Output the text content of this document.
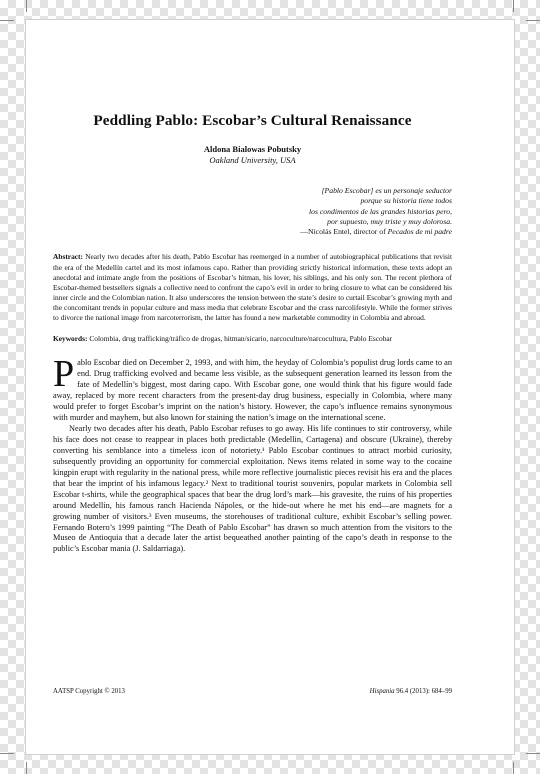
Peddling Pablo: Escobar’s Cultural Renaissance
Aldona Bialowas Pobutsky
Oakland University, USA
[Pablo Escobar] es un personaje seductor
porque su historia tiene todos
los condimentos de las grandes historias pero,
por supuesto, muy triste y muy dolorosa.
—Nicolás Entel, director of Pecados de mi padre
Abstract: Nearly two decades after his death, Pablo Escobar has reemerged in a number of autobiographical publications that revisit the era of the Medellín cartel and its most infamous capo. Rather than providing strictly historical information, these texts adopt an anecdotal and intimate angle from the positions of Escobar’s hitman, his lover, his siblings, and his only son. The recent plethora of Escobar-themed bestsellers signals a collective need to confront the capo’s evil in order to bring closure to what can be considered his inner circle and the Colombian nation. It also underscores the tension between the state’s desire to curtail Escobar’s growing myth and the concomitant trends in popular culture and mass media that celebrate Escobar and the crass narcolifestyle. While the former strives to divorce the national image from narcoterrorism, the latter has found a new marketable commodity in Colombia and abroad.
Keywords: Colombia, drug trafficking/tráfico de drogas, hitman/sicario, narcoculture/narcocultura, Pablo Escobar

Pablo Escobar died on December 2, 1993, and with him, the heyday of Colombia’s populist drug lords came to an end. Drug trafficking evolved and became less visible, as the subsequent generation learned its lesson from the fate of Medellín’s biggest, most daring capo. With Escobar gone, one would think that his figure would fade away, replaced by more recent characters from the present-day drug business, especially in Colombia, where many would prefer to forget Escobar’s imprint on the nation’s history. However, the capo’s influence remains synonymous with murder and mayhem, but also known for staining the nation’s image on the international scene.

Nearly two decades after his death, Pablo Escobar refuses to go away. His life continues to stir controversy, while his face does not cease to reappear in places both predictable (Medellin, Cartagena) and obscure (Ukraine), thereby converting his semblance into a timeless icon of notoriety.¹ Pablo Escobar continues to attract morbid curiosity, subsequently providing an opportunity for commercial exploitation. News items related in some way to the cocaine kingpin erupt with regularity in the national press, while more reflective journalistic pieces revisit his era and the places that bear the imprint of his infamous legacy.² Next to traditional tourist souvenirs, popular markets in Colombia sell Escobar t-shirts, while the geographical spaces that bear the drug lord’s mark—his gravesite, the ruins of his properties around Medellín, his famous ranch Hacienda Nápoles, or the hide-out where he met his end—are magnets for a growing number of visitors.³ Even museums, the storehouses of traditional culture, exhibit Escobar’s selling power. Fernando Botero’s 1999 painting “The Death of Pablo Escobar” has drawn so much attention from the visitors to the Museo de Antioquia that a decade later the artist bequeathed another painting of the capo’s death in response to the public’s Escobar mania (J. Saldarriaga).

AATSP Copyright © 2013	Hispania 96.4 (2013): 684–99
